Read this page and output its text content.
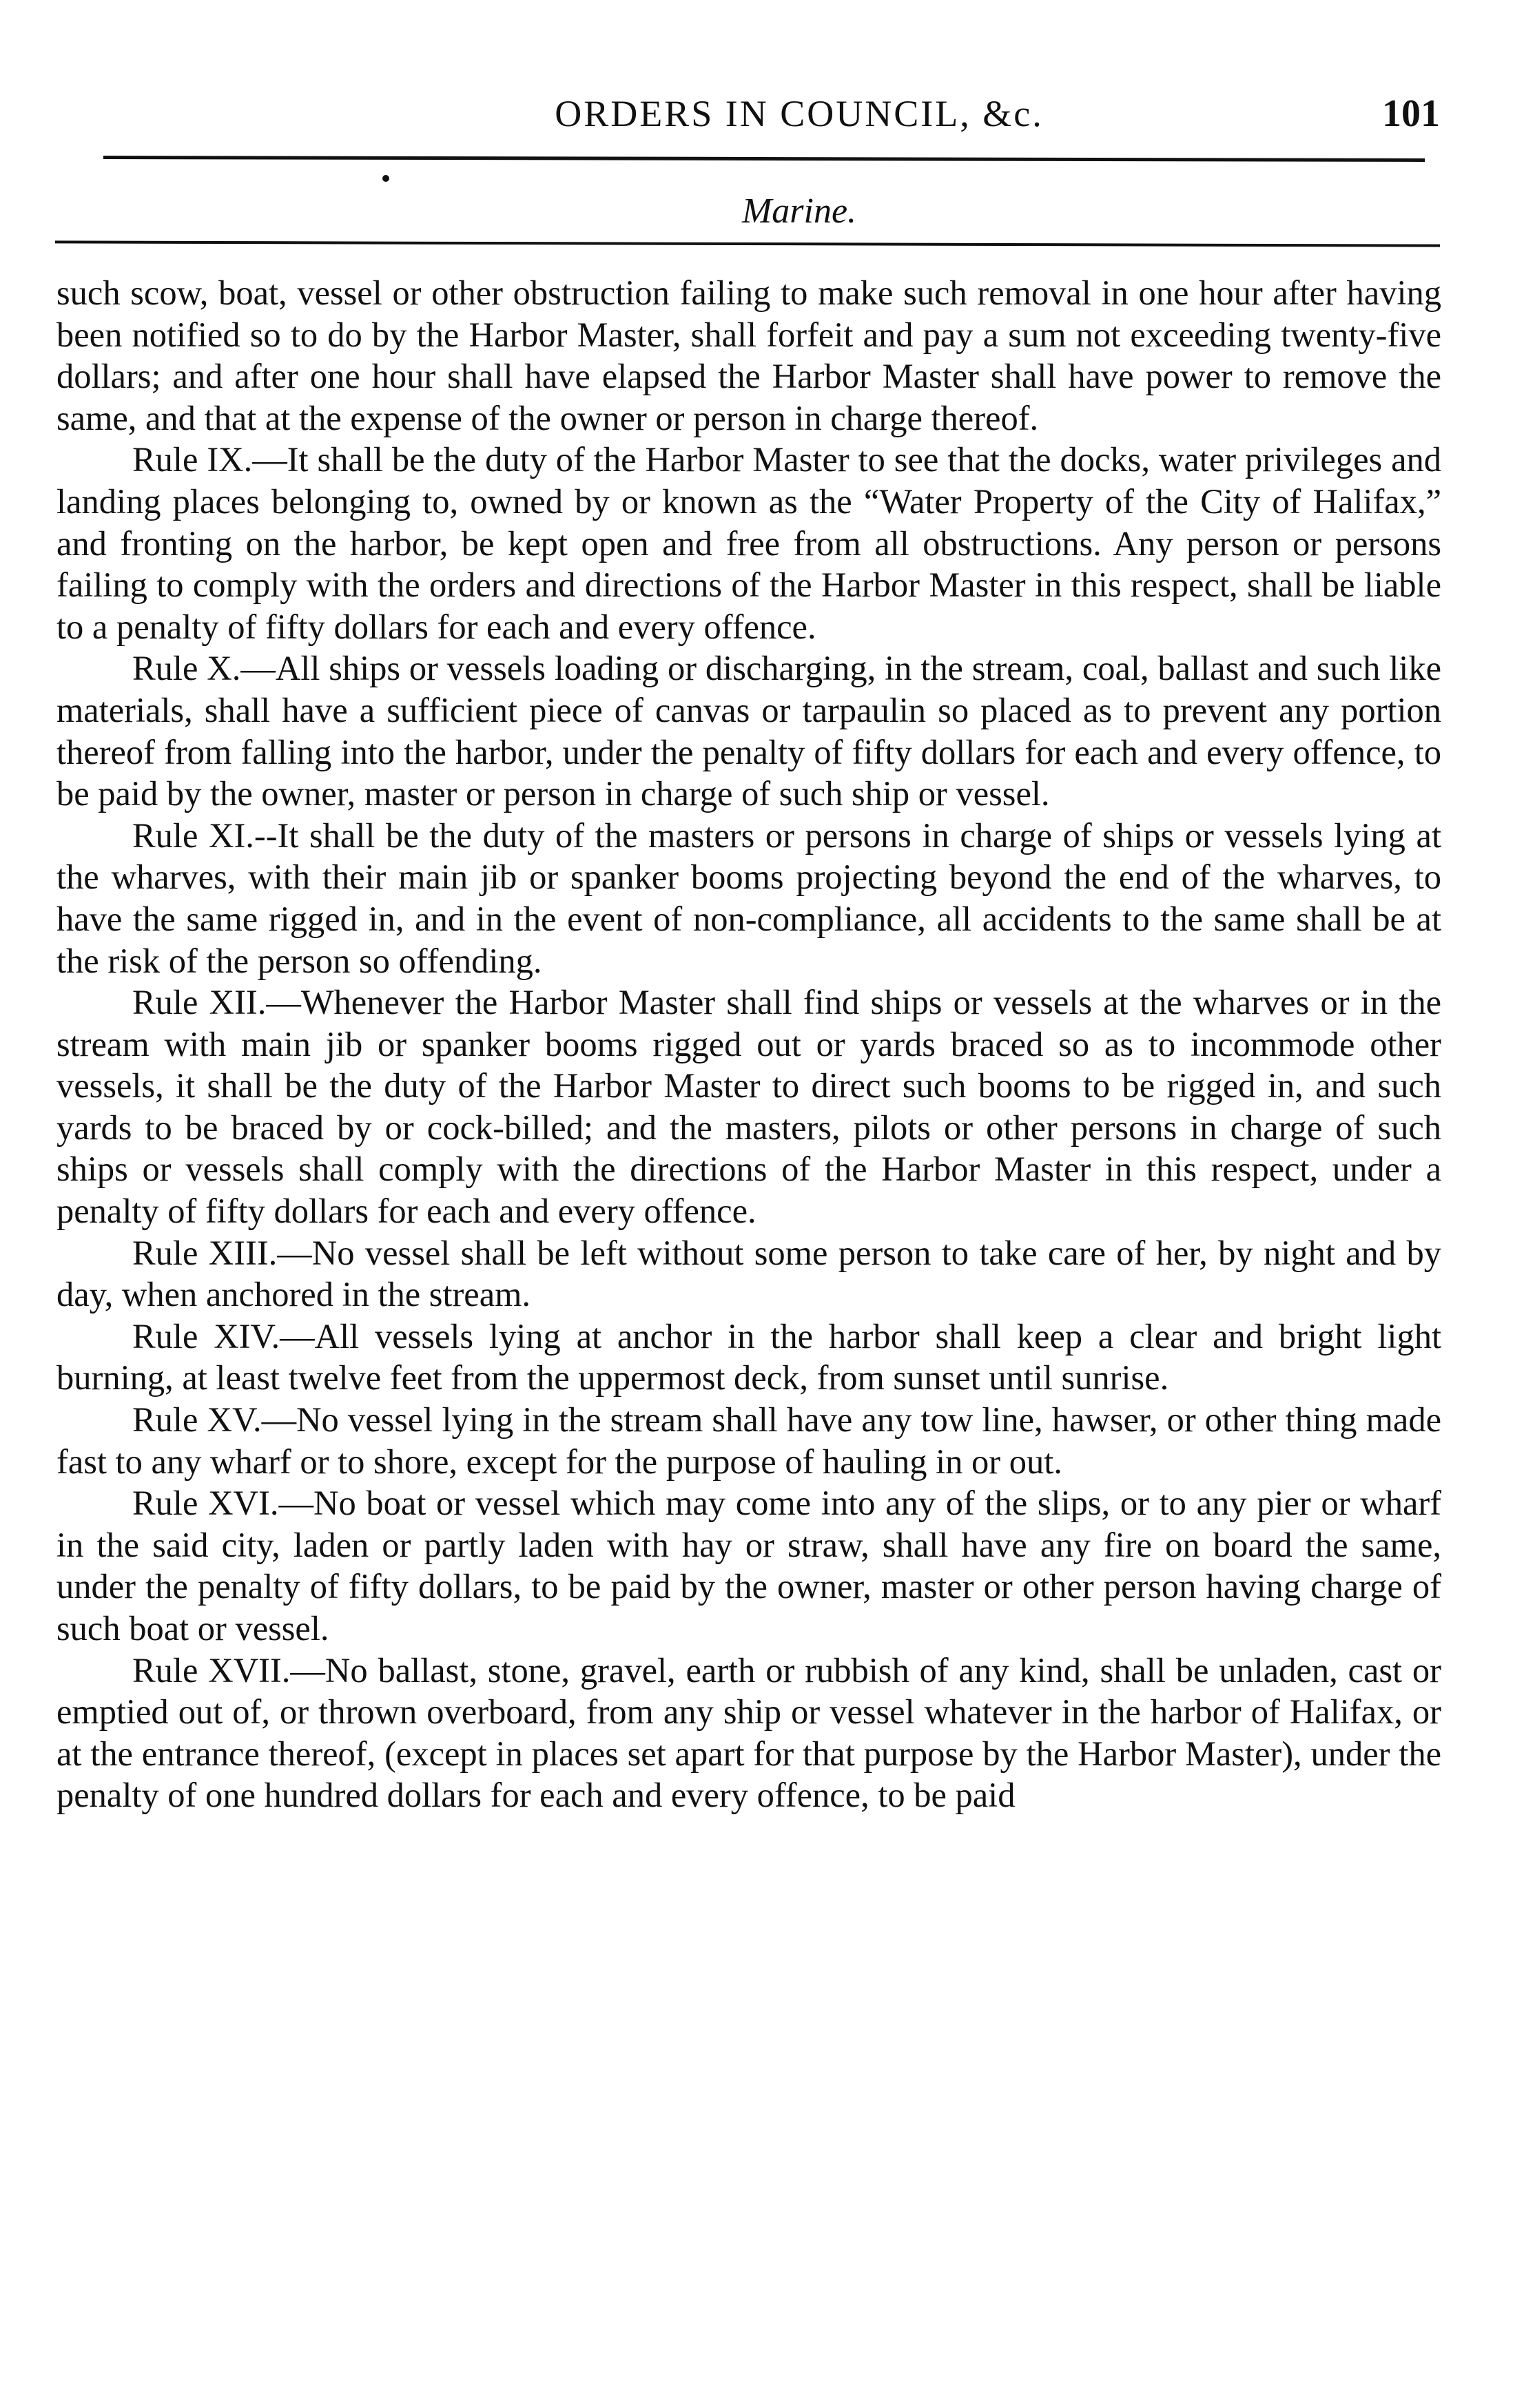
ORDERS IN COUNCIL, &c.	101
Marine.

such scow, boat, vessel or other obstruction failing to make such removal in one hour after having been notified so to do by the Harbor Master, shall forfeit and pay a sum not exceeding twenty-five dollars; and after one hour shall have elapsed the Harbor Master shall have power to remove the same, and that at the expense of the owner or person in charge thereof.

Rule IX.—It shall be the duty of the Harbor Master to see that the docks, water privileges and landing places belonging to, owned by or known as the “Water Property of the City of Halifax,” and fronting on the harbor, be kept open and free from all obstructions. Any person or persons failing to comply with the orders and directions of the Harbor Master in this respect, shall be liable to a penalty of fifty dollars for each and every offence.

Rule X.—All ships or vessels loading or discharging, in the stream, coal, ballast and such like materials, shall have a sufficient piece of canvas or tarpaulin so placed as to prevent any portion thereof from falling into the harbor, under the penalty of fifty dollars for each and every offence, to be paid by the owner, master or person in charge of such ship or vessel.

Rule XI.--It shall be the duty of the masters or persons in charge of ships or vessels lying at the wharves, with their main jib or spanker booms projecting beyond the end of the wharves, to have the same rigged in, and in the event of non-compliance, all accidents to the same shall be at the risk of the person so offending.

Rule XII.—Whenever the Harbor Master shall find ships or vessels at the wharves or in the stream with main jib or spanker booms rigged out or yards braced so as to incommode other vessels, it shall be the duty of the Harbor Master to direct such booms to be rigged in, and such yards to be braced by or cock-billed; and the masters, pilots or other persons in charge of such ships or vessels shall comply with the directions of the Harbor Master in this respect, under a penalty of fifty dollars for each and every offence.

Rule XIII.—No vessel shall be left without some person to take care of her, by night and by day, when anchored in the stream.

Rule XIV.—All vessels lying at anchor in the harbor shall keep a clear and bright light burning, at least twelve feet from the uppermost deck, from sunset until sunrise.

Rule XV.—No vessel lying in the stream shall have any tow line, hawser, or other thing made fast to any wharf or to shore, except for the purpose of hauling in or out.

Rule XVI.—No boat or vessel which may come into any of the slips, or to any pier or wharf in the said city, laden or partly laden with hay or straw, shall have any fire on board the same, under the penalty of fifty dollars, to be paid by the owner, master or other person having charge of such boat or vessel.

Rule XVII.—No ballast, stone, gravel, earth or rubbish of any kind, shall be unladen, cast or emptied out of, or thrown overboard, from any ship or vessel whatever in the harbor of Halifax, or at the entrance thereof, (except in places set apart for that purpose by the Harbor Master), under the penalty of one hundred dollars for each and every offence, to be paid
